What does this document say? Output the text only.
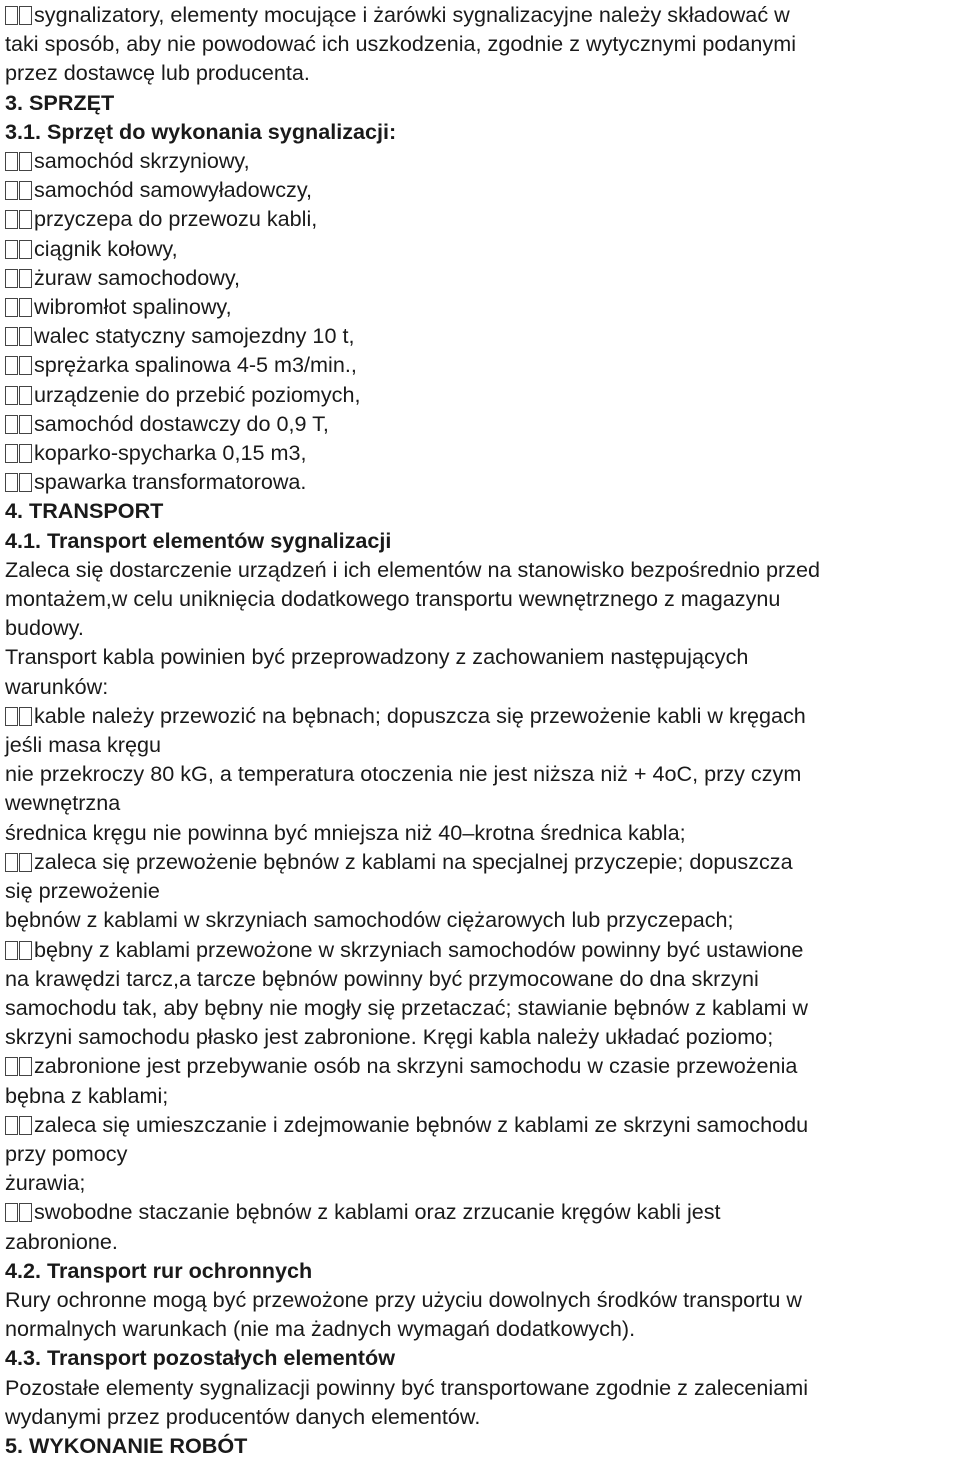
sygnalizatory, elementy mocujące i żarówki sygnalizacyjne należy składować w

taki sposób, aby nie powodować ich uszkodzenia, zgodnie z wytycznymi podanymi

przez dostawcę lub producenta.

3. SPRZĘT

3.1. Sprzęt do wykonania sygnalizacji:

samochód skrzyniowy,

samochód samowyładowczy,

przyczepa do przewozu kabli,

ciągnik kołowy,

żuraw samochodowy,

wibromłot spalinowy,

walec statyczny samojezdny 10 t,

sprężarka spalinowa 4-5 m3/min.,

urządzenie do przebić poziomych,

samochód dostawczy do 0,9 T,

koparko-spycharka 0,15 m3,

spawarka transformatorowa.

4. TRANSPORT

4.1. Transport elementów sygnalizacji

Zaleca się dostarczenie urządzeń i ich elementów na stanowisko bezpośrednio przed

montażem,w celu uniknięcia dodatkowego transportu wewnętrznego z magazynu

budowy.

Transport kabla powinien być przeprowadzony z zachowaniem następujących

warunków:

kable należy przewozić na bębnach; dopuszcza się przewożenie kabli w kręgach

jeśli masa kręgu

nie przekroczy 80 kG, a temperatura otoczenia nie jest niższa niż + 4oC, przy czym

wewnętrzna

średnica kręgu nie powinna być mniejsza niż 40–krotna średnica kabla;

zaleca się przewożenie bębnów z kablami na specjalnej przyczepie; dopuszcza

się przewożenie

bębnów z kablami w skrzyniach samochodów ciężarowych lub przyczepach;

bębny z kablami przewożone w skrzyniach samochodów powinny być ustawione

na krawędzi tarcz,a tarcze bębnów powinny być przymocowane do dna skrzyni

samochodu tak, aby bębny nie mogły się przetaczać; stawianie bębnów z kablami w

skrzyni samochodu płasko jest zabronione. Kręgi kabla należy układać poziomo;

zabronione jest przebywanie osób na skrzyni samochodu w czasie przewożenia

bębna z kablami;

zaleca się umieszczanie i zdejmowanie bębnów z kablami ze skrzyni samochodu

przy pomocy

żurawia;

swobodne staczanie bębnów z kablami oraz zrzucanie kręgów kabli jest

zabronione.

4.2. Transport rur ochronnych

Rury ochronne mogą być przewożone przy użyciu dowolnych środków transportu w

normalnych warunkach (nie ma żadnych wymagań dodatkowych).

4.3. Transport pozostałych elementów

Pozostałe elementy sygnalizacji powinny być transportowane zgodnie z zaleceniami

wydanymi przez producentów danych elementów.

5. WYKONANIE ROBÓT
